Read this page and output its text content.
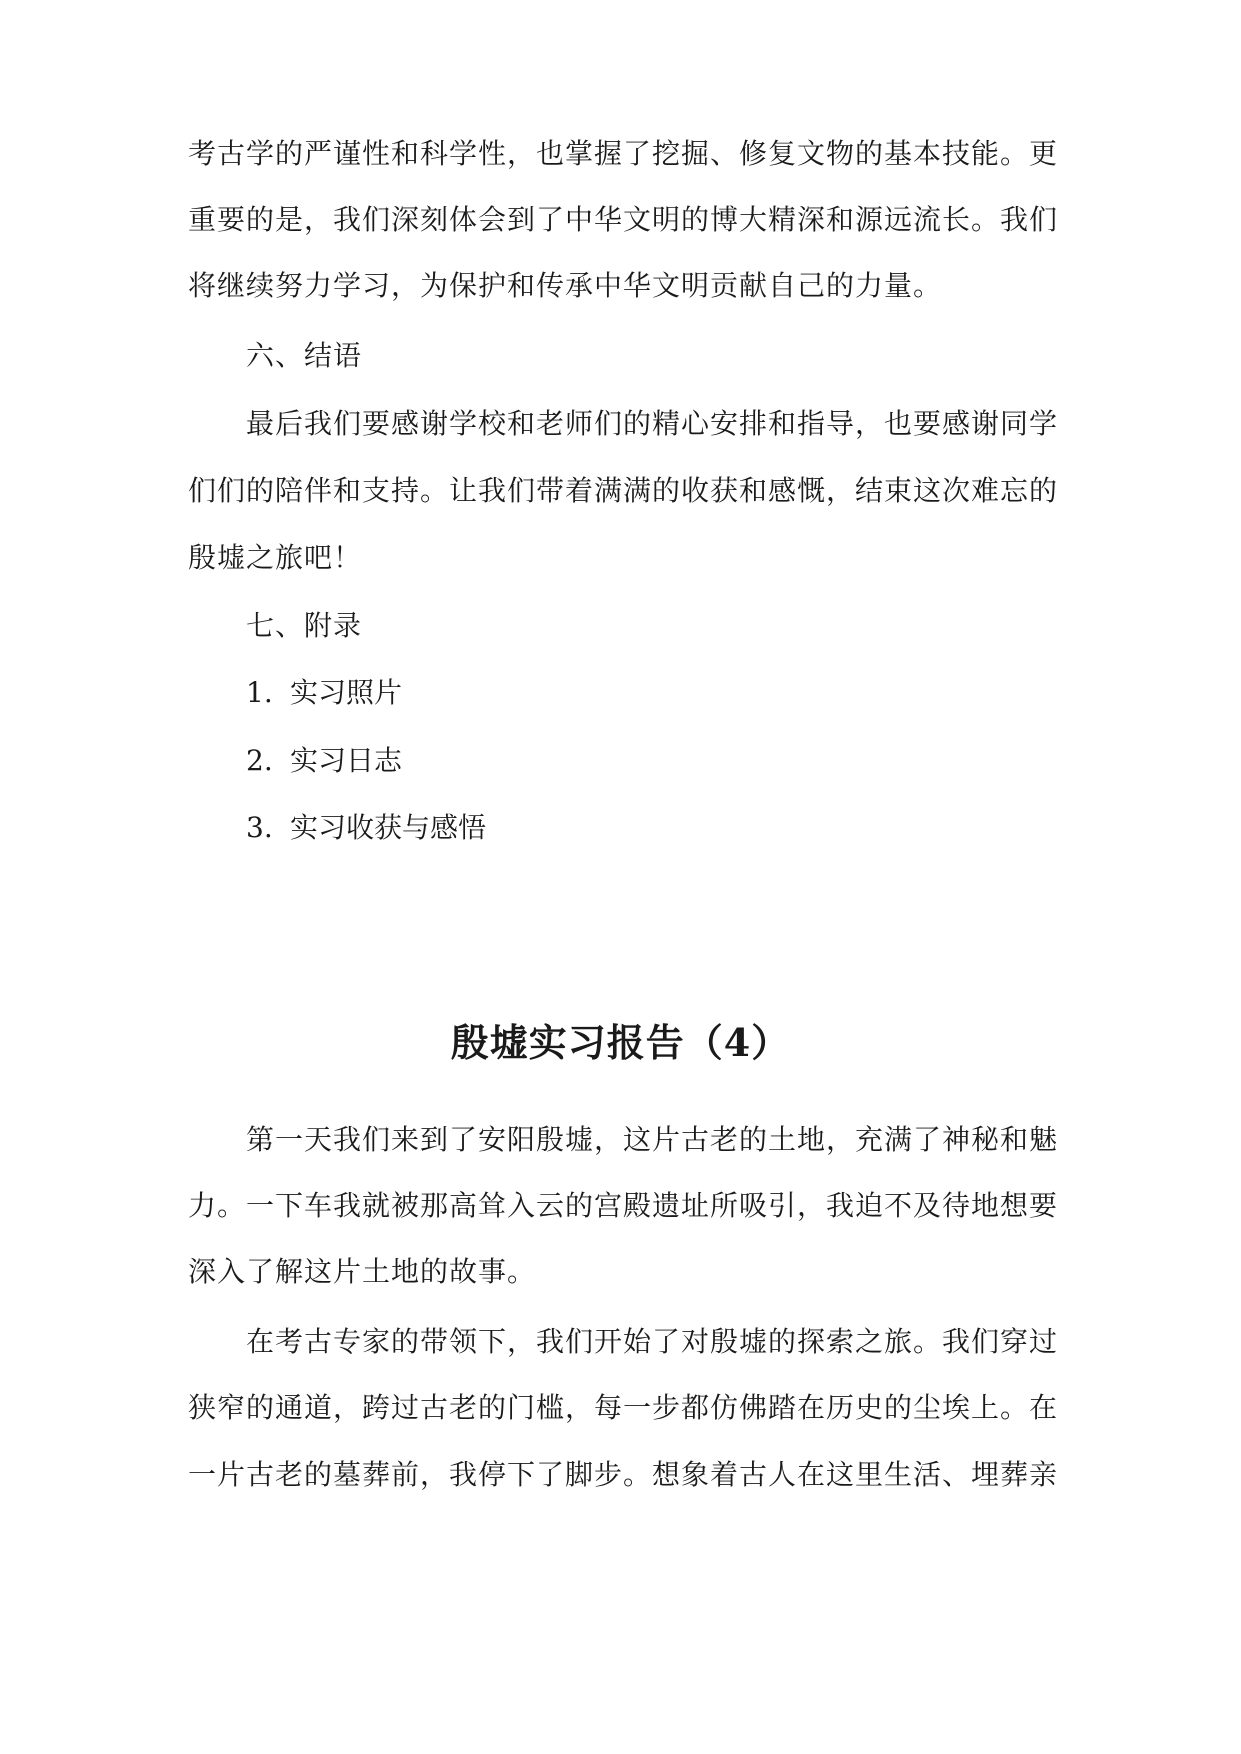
考古学的严谨性和科学性，也掌握了挖掘、修复文物的基本技能。更
重要的是，我们深刻体会到了中华文明的博大精深和源远流长。我们
将继续努力学习，为保护和传承中华文明贡献自己的力量。
六、结语
最后我们要感谢学校和老师们的精心安排和指导，也要感谢同学
们们的陪伴和支持。让我们带着满满的收获和感慨，结束这次难忘的
殷墟之旅吧！
七、附录
1. 实习照片
2. 实习日志
3. 实习收获与感悟
殷墟实习报告（4）
第一天我们来到了安阳殷墟，这片古老的土地，充满了神秘和魅
力。一下车我就被那高耸入云的宫殿遗址所吸引，我迫不及待地想要
深入了解这片土地的故事。
在考古专家的带领下，我们开始了对殷墟的探索之旅。我们穿过
狭窄的通道，跨过古老的门槛，每一步都仿佛踏在历史的尘埃上。在
一片古老的墓葬前，我停下了脚步。想象着古人在这里生活、埋葬亲
